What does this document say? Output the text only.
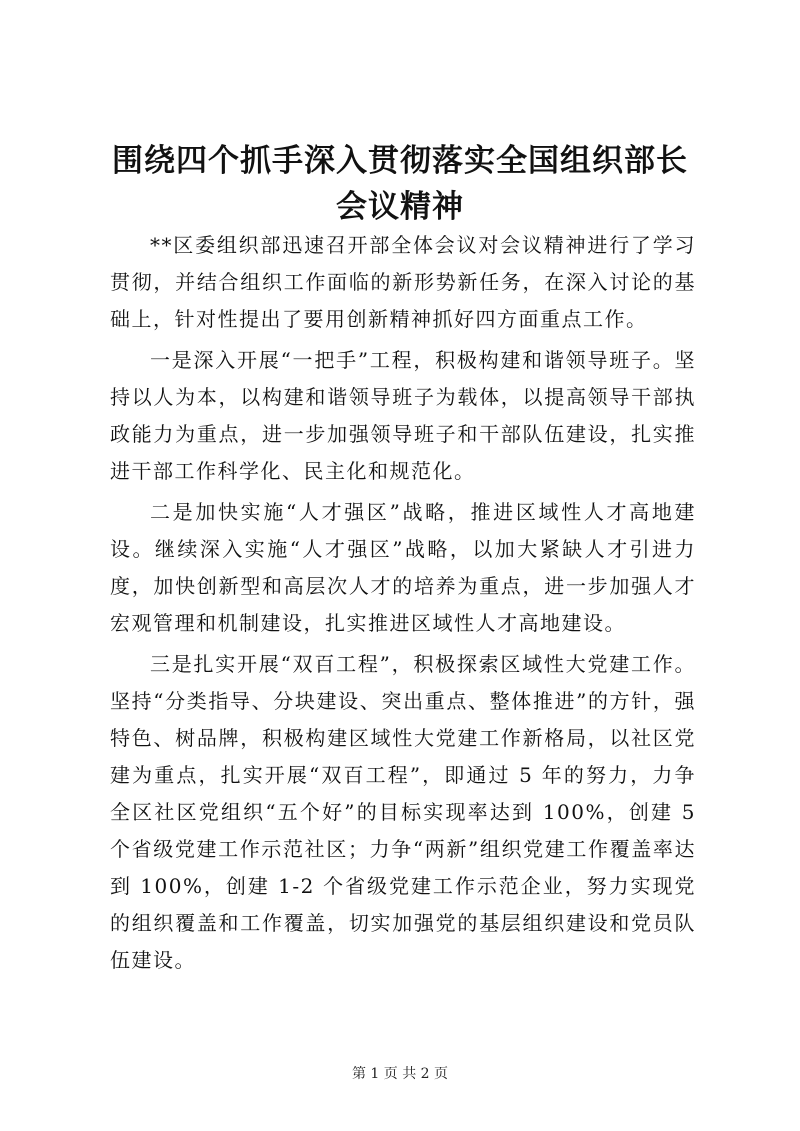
围绕四个抓手深入贯彻落实全国组织部长会议精神

**区委组织部迅速召开部全体会议对会议精神进行了学习贯彻，并结合组织工作面临的新形势新任务，在深入讨论的基础上，针对性提出了要用创新精神抓好四方面重点工作。

一是深入开展“一把手”工程，积极构建和谐领导班子。坚持以人为本，以构建和谐领导班子为载体，以提高领导干部执政能力为重点，进一步加强领导班子和干部队伍建设，扎实推进干部工作科学化、民主化和规范化。

二是加快实施“人才强区”战略，推进区域性人才高地建设。继续深入实施“人才强区”战略，以加大紧缺人才引进力度，加快创新型和高层次人才的培养为重点，进一步加强人才宏观管理和机制建设，扎实推进区域性人才高地建设。

三是扎实开展“双百工程”，积极探索区域性大党建工作。坚持“分类指导、分块建设、突出重点、整体推进”的方针，强特色、树品牌，积极构建区域性大党建工作新格局，以社区党建为重点，扎实开展“双百工程”，即通过 5 年的努力，力争全区社区党组织“五个好”的目标实现率达到 100%，创建 5 个省级党建工作示范社区；力争“两新”组织党建工作覆盖率达到 100%，创建 1-2 个省级党建工作示范企业，努力实现党的组织覆盖和工作覆盖，切实加强党的基层组织建设和党员队伍建设。

第 1 页 共 2 页
